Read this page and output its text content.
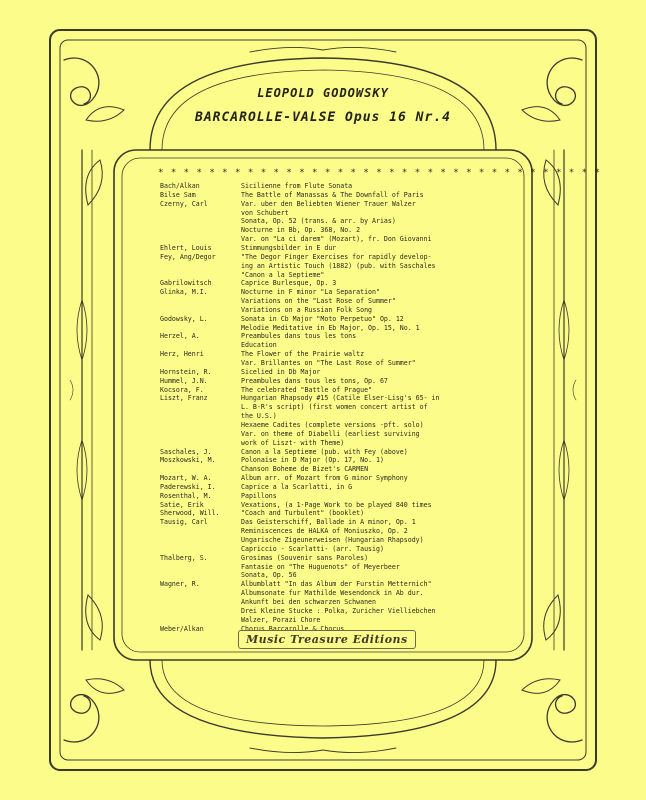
LEOPOLD GODOWSKY
BARCAROLLE-VALSE Opus 16 Nr.4
* * * * * * * * * * * * * * * * * * * * * * * * * * * * * * * * * * *
Bach/Alkan	Sicilienne from Flute Sonata
Bilse Sam	The Battle of Manassas & The Downfall of Paris
Czerny, Carl	Var. uber den Beliebten Wiener Trauer Walzer
von Schubert
Sonata, Op. 52 (trans. & arr. by Arias)
Nocturne in Bb, Op. 368, No. 2
Var. on "La ci darem" (Mozart), fr. Don Giovanni
Ehlert, Louis	Stimmungsbilder in E dur
Fey, Ang/Degor	"The Degor Finger Exercises for rapidly develop-
ing an Artistic Touch (1882) (pub. with Saschales
"Canon a la Septieme"
Gabrilowitsch	Caprice Burlesque, Op. 3
Glinka, M.I.	Nocturne in F minor "La Separation"
Variations on the "Last Rose of Summer"
Variations on a Russian Folk Song
Godowsky, L.	Sonata in Cb Major "Moto Perpetuo" Op. 12
Melodie Meditative in Eb Major, Op. 15, No. 1
Herzel, A.	Preambules dans tous les tons
Education
Herz, Henri	The Flower of the Prairie waltz
Var. Brillantes on "The Last Rose of Summer"
Hornstein, R.	Sicelied in Db Major
Hummel, J.N.	Preambules dans tous les tons, Op. 67
Kocsora, F.	The celebrated "Battle of Prague"
Liszt, Franz	Hungarian Rhapsody #15 (Catile Elser-Lisg's 65- in
L. B-R's script) (first women concert artist of
the U.S.)
Hexaeme Cadites (complete versions -pft. solo)
Var. on theme of Diabelli (earliest surviving
work of Liszt- with Theme)
Saschales, J.	Canon a la Septieme (pub. with Fey (above)
Moszkowski, M.	Polonaise in D Major (Op. 17, No. 1)
Chanson Boheme de Bizet's CARMEN
Mozart, W. A.	Album arr. of Mozart from G minor Symphony
Paderewski, I.	Caprice a la Scarlatti, in G
Rosenthal, M.	Papillons
Satie, Erik	Vexations, (a 1-Page Work to be played 840 times
Sherwood, Will.	"Coach and Turbulent" (booklet)
Tausig, Carl	Das Geisterschiff, Ballade in A minor, Op. 1
Reminiscences de HALKA of Moniuszko, Op. 2
Ungarische Zigeunerweisen (Hungarian Rhapsody)
Capriccio - Scarlatti- (arr. Tausig)
Thalberg, S.	Grosimas (Souvenir sans Paroles)
Fantasie on "The Huguenots" of Meyerbeer
Sonata, Op. 56
Wagner, R.	Albumblatt "In das Album der Furstin Metternich"
Albumsonate fur Mathilde Wesendonck in Ab dur.
Ankunft bei den schwarzen Schwanen
Drei Kleine Stucke : Polka, Zuricher Vielliebchen
Walzer, Porazi Chore
Weber/Alkan	Chorus Barcarolle & Chorus
Music Treasure Editions
